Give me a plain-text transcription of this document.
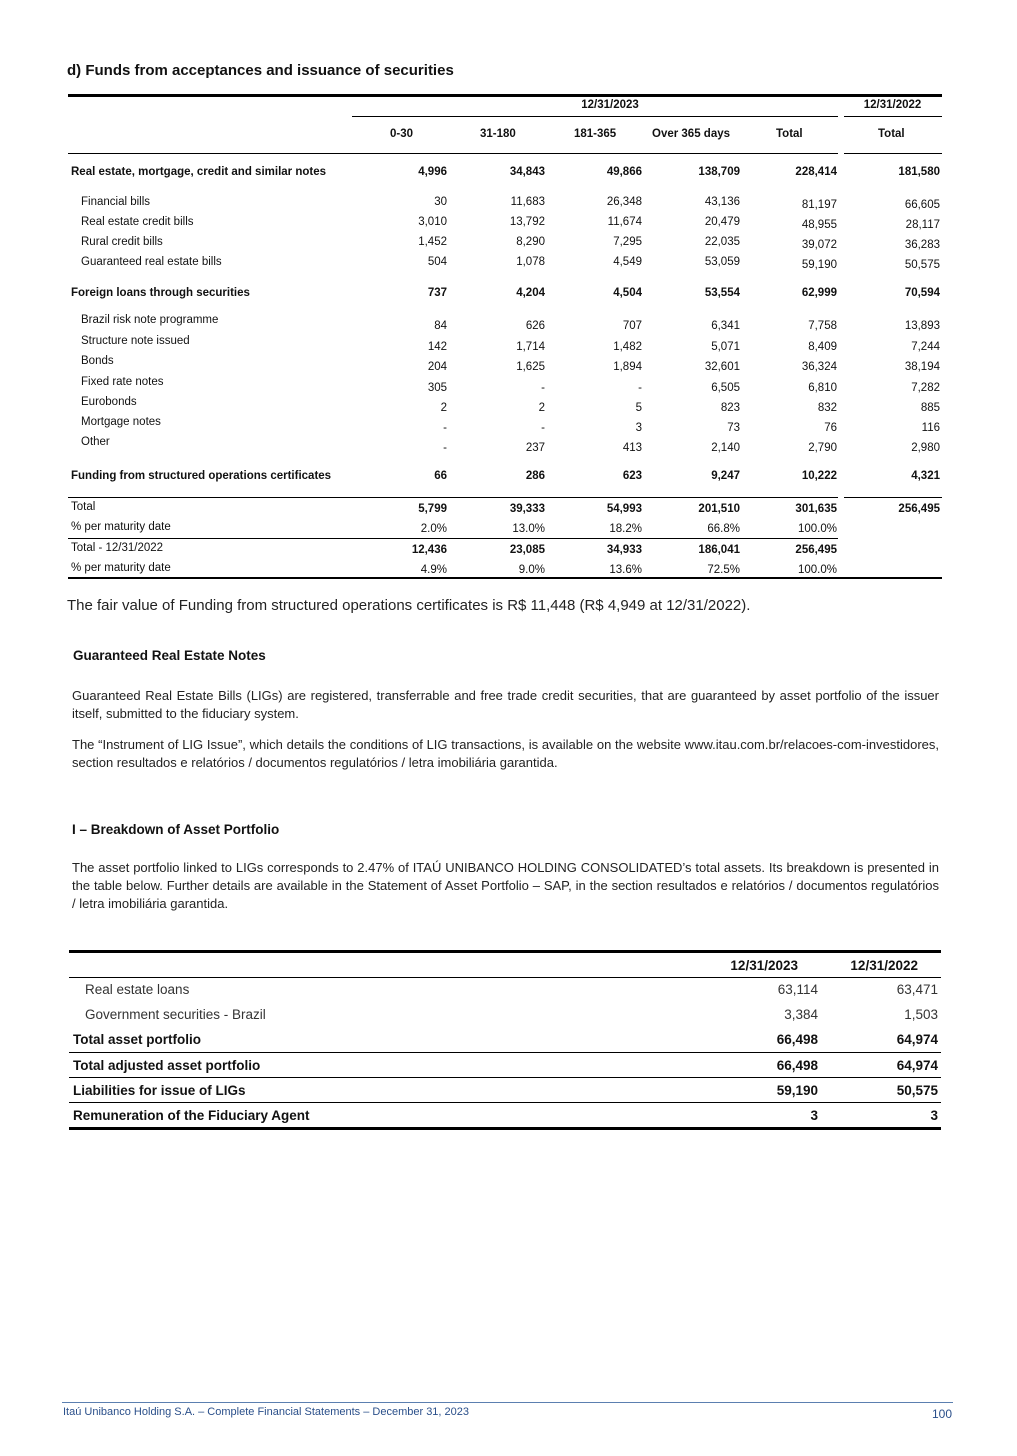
d) Funds from acceptances and issuance of securities
12/31/2023	12/31/2022
The fair value of Funding from structured operations certificates is R$ 11,448 (R$ 4,949 at 12/31/2022).
Guaranteed Real Estate Notes
Guaranteed Real Estate Bills (LIGs) are registered, transferrable and free trade credit securities, that are guaranteed by asset portfolio of the issuer itself, submitted to the fiduciary system.
The “Instrument of LIG Issue”, which details the conditions of LIG transactions, is available on the website www.itau.com.br/relacoes-com-investidores, section resultados e relatórios / documentos regulatórios / letra imobiliária garantida.
I – Breakdown of Asset Portfolio
The asset portfolio linked to LIGs corresponds to 2.47% of ITAÚ UNIBANCO HOLDING CONSOLIDATED’s total assets. Its breakdown is presented in the table below. Further details are available in the Statement of Asset Portfolio – SAP, in the section resultados e relatórios / documentos regulatórios / letra imobiliária garantida.
12/31/2023	12/31/2022
Itaú Unibanco Holding S.A. – Complete Financial Statements – December 31, 2023	100
0-30	31-180	181-365	Over 365 days	Total	Total
Real estate, mortgage, credit and similar notes	4,996	34,843	49,866	138,709	228,414	181,580
Financial bills	30	11,683	26,348	43,136	81,197	66,605
Real estate credit bills	3,010	13,792	11,674	20,479	48,955	28,117
Rural credit bills	1,452	8,290	7,295	22,035	39,072	36,283
Guaranteed real estate bills	504	1,078	4,549	53,059	59,190	50,575
Foreign loans through securities	737	4,204	4,504	53,554	62,999	70,594
Brazil risk note programme	84	626	707	6,341	7,758	13,893
Structure note issued	142	1,714	1,482	5,071	8,409	7,244
Bonds	204	1,625	1,894	32,601	36,324	38,194
Fixed rate notes	305	-	-	6,505	6,810	7,282
Eurobonds	2	2	5	823	832	885
Mortgage notes	-	-	3	73	76	116
Other	-	237	413	2,140	2,790	2,980
Funding from structured operations certificates	66	286	623	9,247	10,222	4,321
Total	5,799	39,333	54,993	201,510	301,635	256,495
% per maturity date	2.0%	13.0%	18.2%	66.8%	100.0%
Total - 12/31/2022	12,436	23,085	34,933	186,041	256,495
% per maturity date	4.9%	9.0%	13.6%	72.5%	100.0%
Real estate loans	63,114	63,471
Government securities - Brazil	3,384	1,503
Total asset portfolio	66,498	64,974
Total adjusted asset portfolio	66,498	64,974
Liabilities for issue of LIGs	59,190	50,575
Remuneration of the Fiduciary Agent	3	3
